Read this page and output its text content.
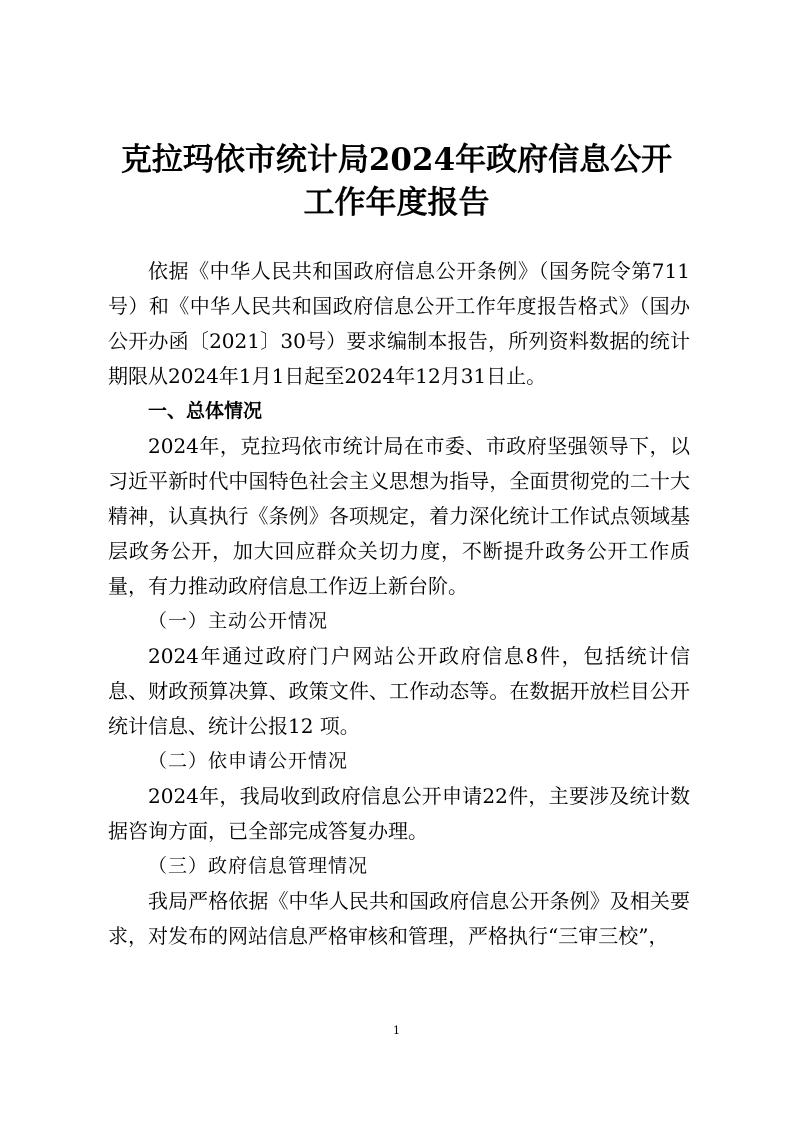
克拉玛依市统计局2024年政府信息公开
工作年度报告

依据《中华人民共和国政府信息公开条例》（国务院令第711号）和《中华人民共和国政府信息公开工作年度报告格式》（国办公开办函〔2021〕30号）要求编制本报告，所列资料数据的统计期限从2024年1月1日起至2024年12月31日止。

一、总体情况

2024年，克拉玛依市统计局在市委、市政府坚强领导下，以习近平新时代中国特色社会主义思想为指导，全面贯彻党的二十大精神，认真执行《条例》各项规定，着力深化统计工作试点领域基层政务公开，加大回应群众关切力度，不断提升政务公开工作质量，有力推动政府信息工作迈上新台阶。

（一）主动公开情况

2024年通过政府门户网站公开政府信息8件，包括统计信息、财政预算决算、政策文件、工作动态等。在数据开放栏目公开统计信息、统计公报12 项。

（二）依申请公开情况

2024年，我局收到政府信息公开申请22件，主要涉及统计数据咨询方面，已全部完成答复办理。

（三）政府信息管理情况

我局严格依据《中华人民共和国政府信息公开条例》及相关要求，对发布的网站信息严格审核和管理，严格执行“三审三校”，

1
